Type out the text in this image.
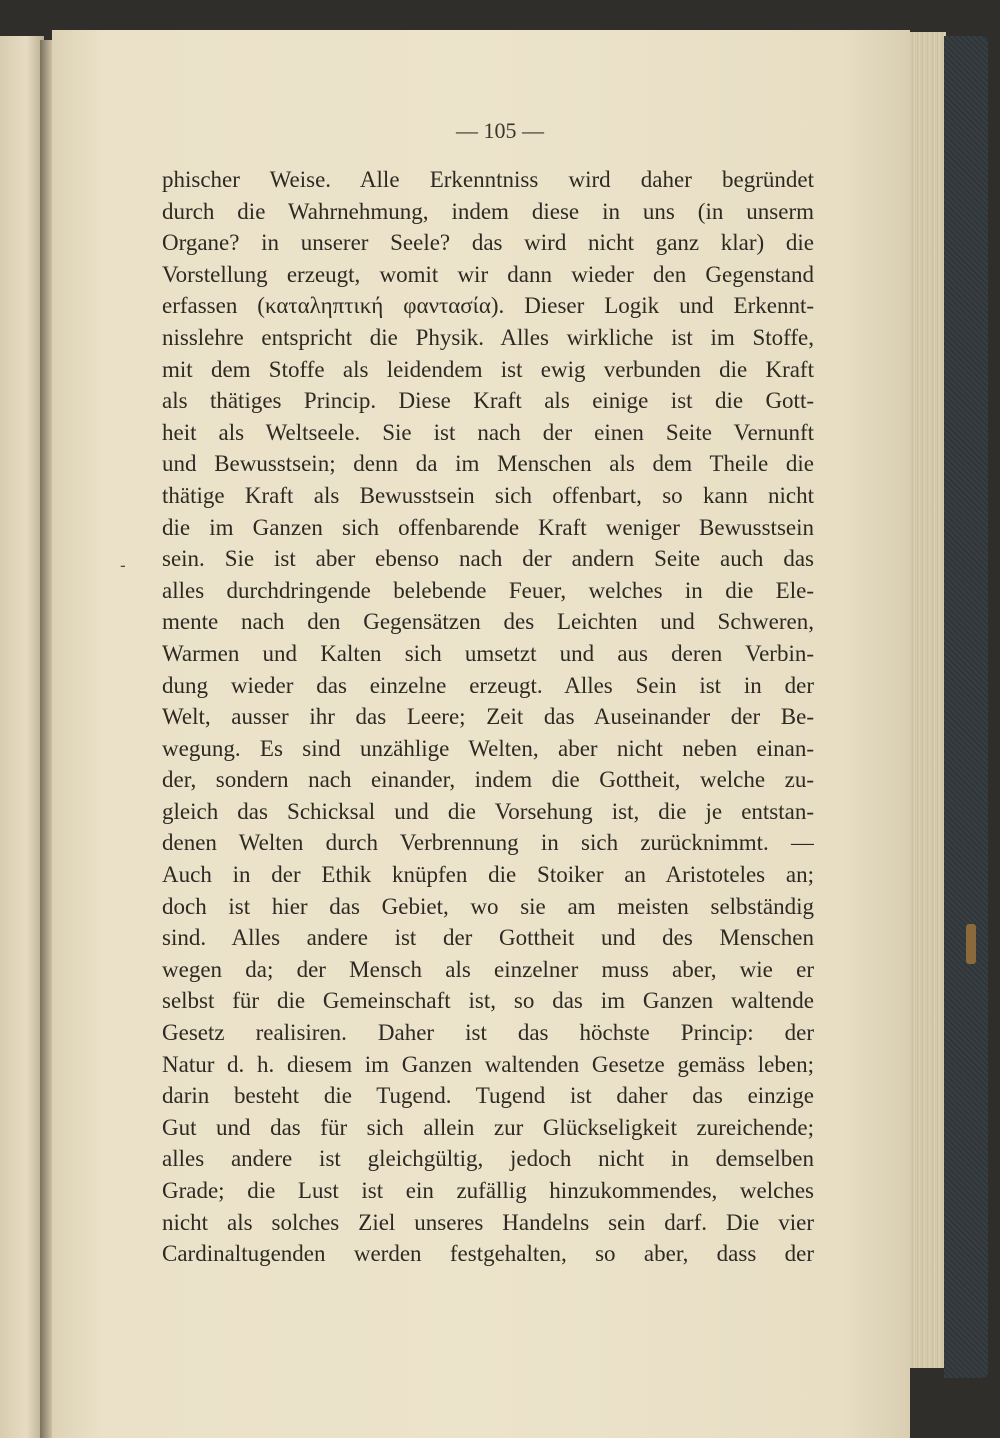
— 105 —
-
phischer Weise. Alle Erkenntniss wird daher begründet
durch die Wahrnehmung, indem diese in uns (in unserm
Organe? in unserer Seele? das wird nicht ganz klar) die
Vorstellung erzeugt, womit wir dann wieder den Gegenstand
erfassen (καταληπτική φαντασία). Dieser Logik und Erkennt-
nisslehre entspricht die Physik. Alles wirkliche ist im Stoffe,
mit dem Stoffe als leidendem ist ewig verbunden die Kraft
als thätiges Princip. Diese Kraft als einige ist die Gott-
heit als Weltseele. Sie ist nach der einen Seite Vernunft
und Bewusstsein; denn da im Menschen als dem Theile die
thätige Kraft als Bewusstsein sich offenbart, so kann nicht
die im Ganzen sich offenbarende Kraft weniger Bewusstsein
sein. Sie ist aber ebenso nach der andern Seite auch das
alles durchdringende belebende Feuer, welches in die Ele-
mente nach den Gegensätzen des Leichten und Schweren,
Warmen und Kalten sich umsetzt und aus deren Verbin-
dung wieder das einzelne erzeugt. Alles Sein ist in der
Welt, ausser ihr das Leere; Zeit das Auseinander der Be-
wegung. Es sind unzählige Welten, aber nicht neben einan-
der, sondern nach einander, indem die Gottheit, welche zu-
gleich das Schicksal und die Vorsehung ist, die je entstan-
denen Welten durch Verbrennung in sich zurücknimmt. —
Auch in der Ethik knüpfen die Stoiker an Aristoteles an;
doch ist hier das Gebiet, wo sie am meisten selbständig
sind. Alles andere ist der Gottheit und des Menschen
wegen da; der Mensch als einzelner muss aber, wie er
selbst für die Gemeinschaft ist, so das im Ganzen waltende
Gesetz realisiren. Daher ist das höchste Princip: der
Natur d. h. diesem im Ganzen waltenden Gesetze gemäss leben;
darin besteht die Tugend. Tugend ist daher das einzige
Gut und das für sich allein zur Glückseligkeit zureichende;
alles andere ist gleichgültig, jedoch nicht in demselben
Grade; die Lust ist ein zufällig hinzukommendes, welches
nicht als solches Ziel unseres Handelns sein darf. Die vier
Cardinaltugenden werden festgehalten, so aber, dass der
